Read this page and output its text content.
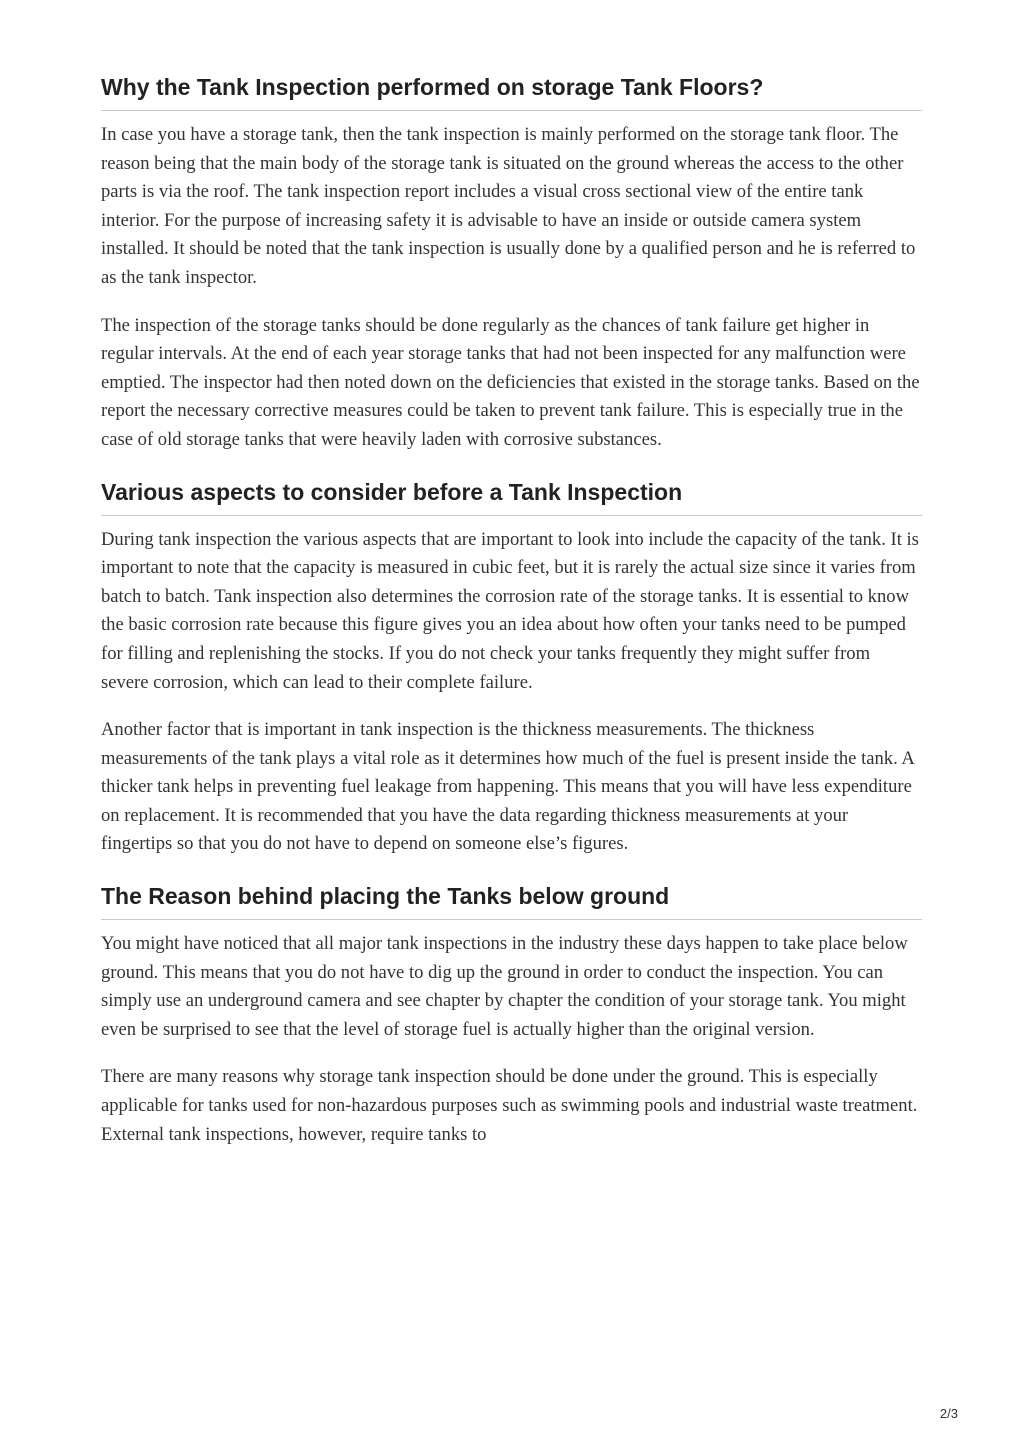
Why the Tank Inspection performed on storage Tank Floors?

In case you have a storage tank, then the tank inspection is mainly performed on the storage tank floor. The reason being that the main body of the storage tank is situated on the ground whereas the access to the other parts is via the roof. The tank inspection report includes a visual cross sectional view of the entire tank interior. For the purpose of increasing safety it is advisable to have an inside or outside camera system installed. It should be noted that the tank inspection is usually done by a qualified person and he is referred to as the tank inspector.

The inspection of the storage tanks should be done regularly as the chances of tank failure get higher in regular intervals. At the end of each year storage tanks that had not been inspected for any malfunction were emptied. The inspector had then noted down on the deficiencies that existed in the storage tanks. Based on the report the necessary corrective measures could be taken to prevent tank failure. This is especially true in the case of old storage tanks that were heavily laden with corrosive substances.

Various aspects to consider before a Tank Inspection

During tank inspection the various aspects that are important to look into include the capacity of the tank. It is important to note that the capacity is measured in cubic feet, but it is rarely the actual size since it varies from batch to batch. Tank inspection also determines the corrosion rate of the storage tanks. It is essential to know the basic corrosion rate because this figure gives you an idea about how often your tanks need to be pumped for filling and replenishing the stocks. If you do not check your tanks frequently they might suffer from severe corrosion, which can lead to their complete failure.

Another factor that is important in tank inspection is the thickness measurements. The thickness measurements of the tank plays a vital role as it determines how much of the fuel is present inside the tank. A thicker tank helps in preventing fuel leakage from happening. This means that you will have less expenditure on replacement. It is recommended that you have the data regarding thickness measurements at your fingertips so that you do not have to depend on someone else’s figures.

The Reason behind placing the Tanks below ground

You might have noticed that all major tank inspections in the industry these days happen to take place below ground. This means that you do not have to dig up the ground in order to conduct the inspection. You can simply use an underground camera and see chapter by chapter the condition of your storage tank. You might even be surprised to see that the level of storage fuel is actually higher than the original version.

There are many reasons why storage tank inspection should be done under the ground. This is especially applicable for tanks used for non-hazardous purposes such as swimming pools and industrial waste treatment. External tank inspections, however, require tanks to

2/3
